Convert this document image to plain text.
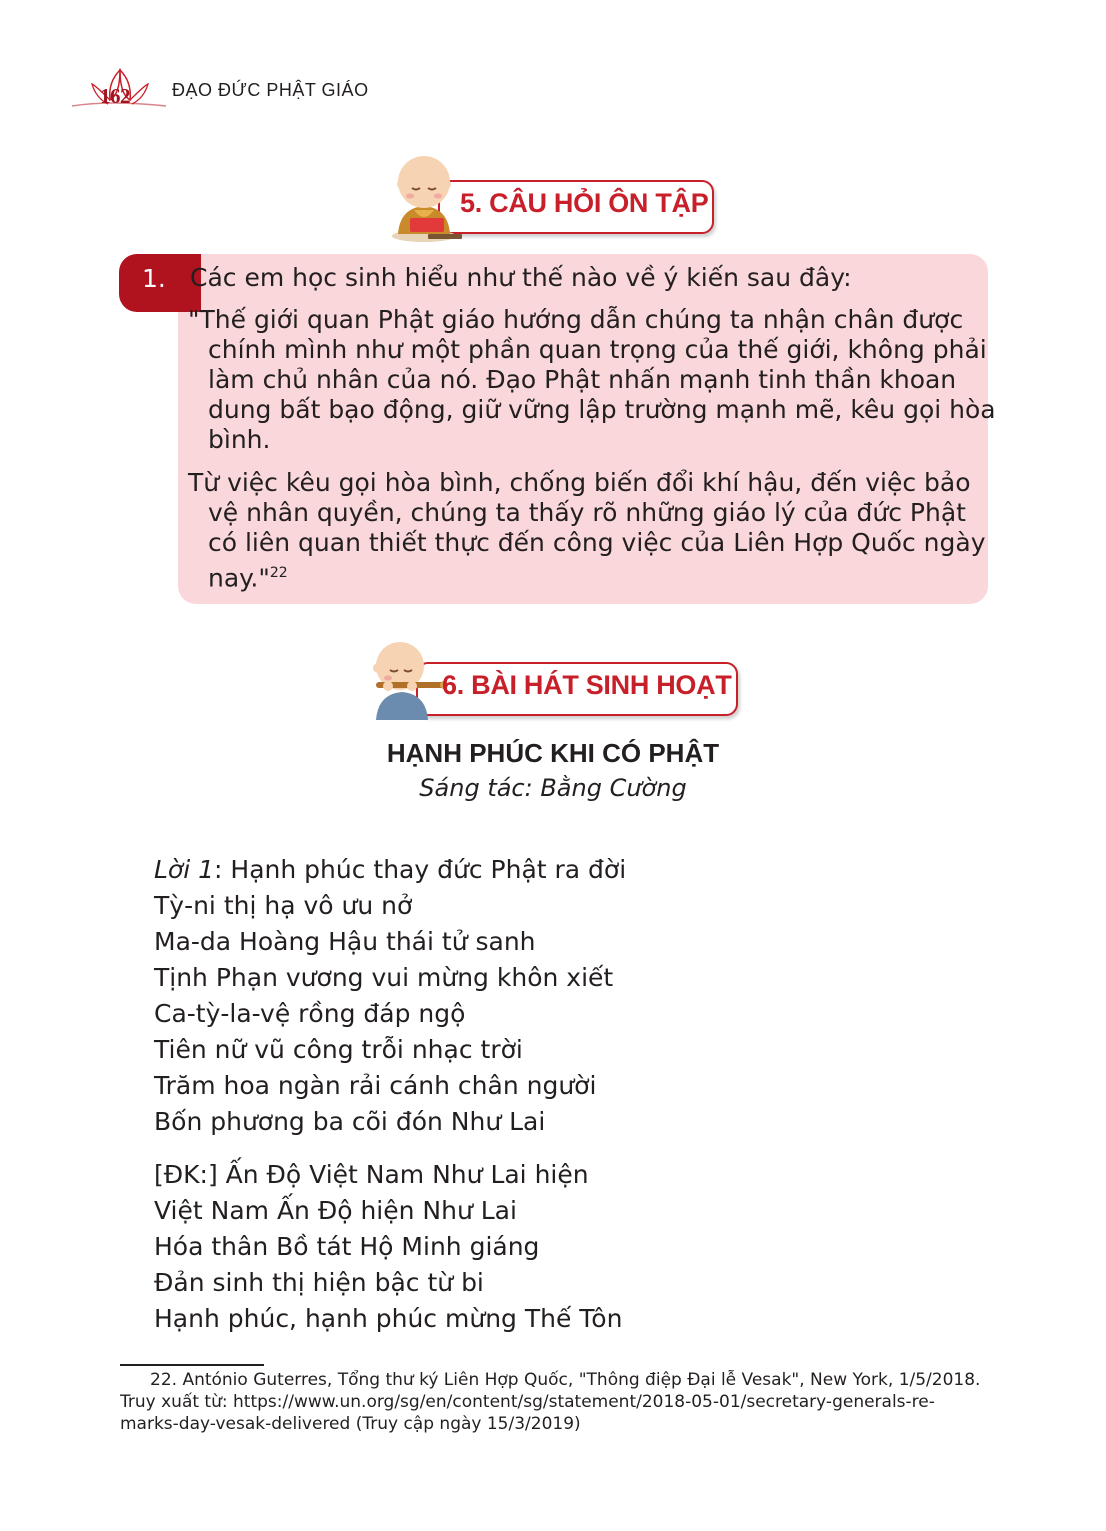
162 ĐẠO ĐỨC PHẬT GIÁO
5. CÂU HỎI ÔN TẬP
1. Các em học sinh hiểu như thế nào về ý kiến sau đây:
"Thế giới quan Phật giáo hướng dẫn chúng ta nhận chân được
chính mình như một phần quan trọng của thế giới, không phải
làm chủ nhân của nó. Đạo Phật nhấn mạnh tinh thần khoan
dung bất bạo động, giữ vững lập trường mạnh mẽ, kêu gọi hòa
bình.
Từ việc kêu gọi hòa bình, chống biến đổi khí hậu, đến việc bảo
vệ nhân quyền, chúng ta thấy rõ những giáo lý của đức Phật
có liên quan thiết thực đến công việc của Liên Hợp Quốc ngày
nay."$^{22}$
6. BÀI HÁT SINH HOẠT
HẠNH PHÚC KHI CÓ PHẬT
Sáng tác: Bằng Cường
Lời 1: Hạnh phúc thay đức Phật ra đời
Tỳ-ni thị hạ vô ưu nở
Ma-da Hoàng Hậu thái tử sanh
Tịnh Phạn vương vui mừng khôn xiết
Ca-tỳ-la-vệ rồng đáp ngộ
Tiên nữ vũ công trỗi nhạc trời
Trăm hoa ngàn rải cánh chân người
Bốn phương ba cõi đón Như Lai
[ĐK:] Ấn Độ Việt Nam Như Lai hiện
Việt Nam Ấn Độ hiện Như Lai
Hóa thân Bồ tát Hộ Minh giáng
Đản sinh thị hiện bậc từ bi
Hạnh phúc, hạnh phúc mừng Thế Tôn
22. António Guterres, Tổng thư ký Liên Hợp Quốc, "Thông điệp Đại lễ Vesak", New York, 1/5/2018.
Truy xuất từ: https://www.un.org/sg/en/content/sg/statement/2018-05-01/secretary-generals-re-
marks-day-vesak-delivered (Truy cập ngày 15/3/2019)
